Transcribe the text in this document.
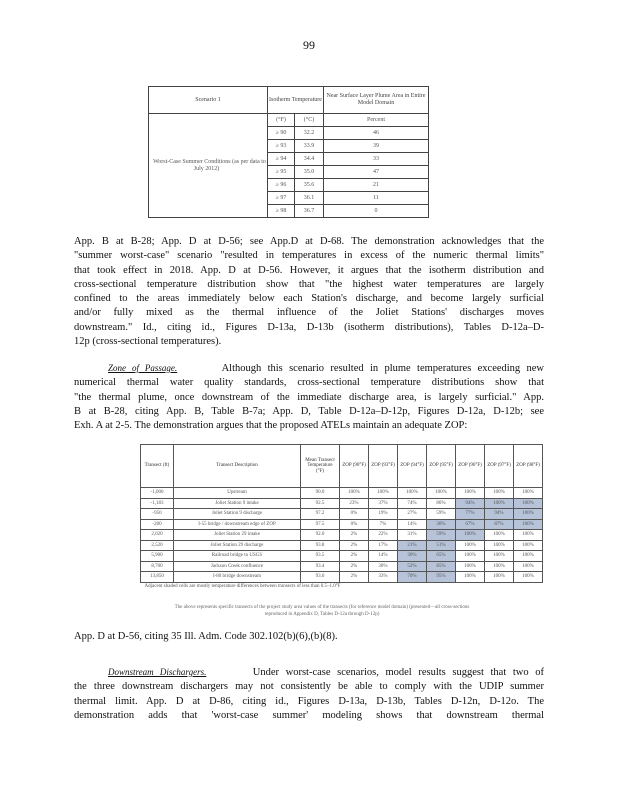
99
Scenario 1	Isotherm Temperature		Near Surface Layer Plume Area in Entire Model Domain
Worst-Case Summer Conditions (as per data to July 2012)	(°F)	(°C)	Percent
	≥ 90	32.2	46
	≥ 93	33.9	39
	≥ 94	34.4	33
	≥ 95	35.0	47
	≥ 96	35.6	21
	≥ 97	36.1	11
	≥ 98	36.7	0
App. B at B-28; App. D at D-56; see App.D at D-68. The demonstration acknowledges that the
"summer worst-case" scenario "resulted in temperatures in excess of the numeric thermal limits"
that took effect in 2018. App. D at D-56. However, it argues that the isotherm distribution and
cross-sectional temperature distribution show that "the highest water temperatures are largely
confined to the areas immediately below each Station's discharge, and become largely surficial
and/or fully mixed as the thermal influence of the Joliet Stations' discharges moves
downstream." Id., citing id., Figures D-13a, D-13b (isotherm distributions), Tables D-12a–D-
12p (cross-sectional temperatures).
Zone of Passage.	Although this scenario resulted in plume temperatures exceeding new
numerical thermal water quality standards, cross-sectional temperature distributions show that
"the thermal plume, once downstream of the immediate discharge area, is largely surficial." App.
B at B-28, citing App. B, Table B-7a; App. D, Table D-12a–D-12p, Figures D-12a, D-12b; see
Exh. A at 2-5. The demonstration argues that the proposed ATELs maintain an adequate ZOP:
Transect (ft)	Transect Description	Mean Transect Temperature (°F)	ZOP (90°F)	ZOP (93°F)	ZOP (94°F)	ZOP (95°F)	ZOP (96°F)	ZOP (97°F)	ZOP (98°F)
-1,000	Upstream	90.0	100%	100%	100%	100%	100%	100%	100%
-1,183	Joliet Station 9 intake	92.5	23%	37%	74%	86%	94%	100%	100%
-950	Joliet Station 9 discharge	97.2	0%	19%	27%	59%	77%	94%	100%
-200	I-55 bridge / downstream edge of ZOP	97.5	0%	7%	14%	30%	67%	87%	100%
2,020	Joliet Station 29 intake	92.0	2%	22%	31%	59%	100%	100%	100%
2,520	Joliet Station 29 discharge	93.8	2%	17%	21%	51%	100%	100%	100%
5,900	Railroad bridge to USGS	93.5	2%	14%	30%	65%	100%	100%	100%
8,700	Jackson Creek confluence	93.4	2%	30%	52%	85%	100%	100%	100%
13,850	I-80 bridge downstream	93.0	2%	33%	70%	95%	100%	100%	100%
Adjacent shaded cells are mostly temperature differences between transects of less than 0.5–1.0°F									
The above represents specific transects of the project study area values of the transects (for reference model domain) (presented—all cross-sections reproduced in Appendix D, Tables D-12a through D-12p)
App. D at D-56, citing 35 Ill. Adm. Code 302.102(b)(6),(b)(8).
Downstream Dischargers.	Under worst-case scenarios, model results suggest that two of
the three downstream dischargers may not consistently be able to comply with the UDIP summer
thermal limit. App. D at D-86, citing id., Figures D-13a, D-13b, Tables D-12n, D-12o. The
demonstration adds that 'worst-case summer' modeling shows that downstream thermal
